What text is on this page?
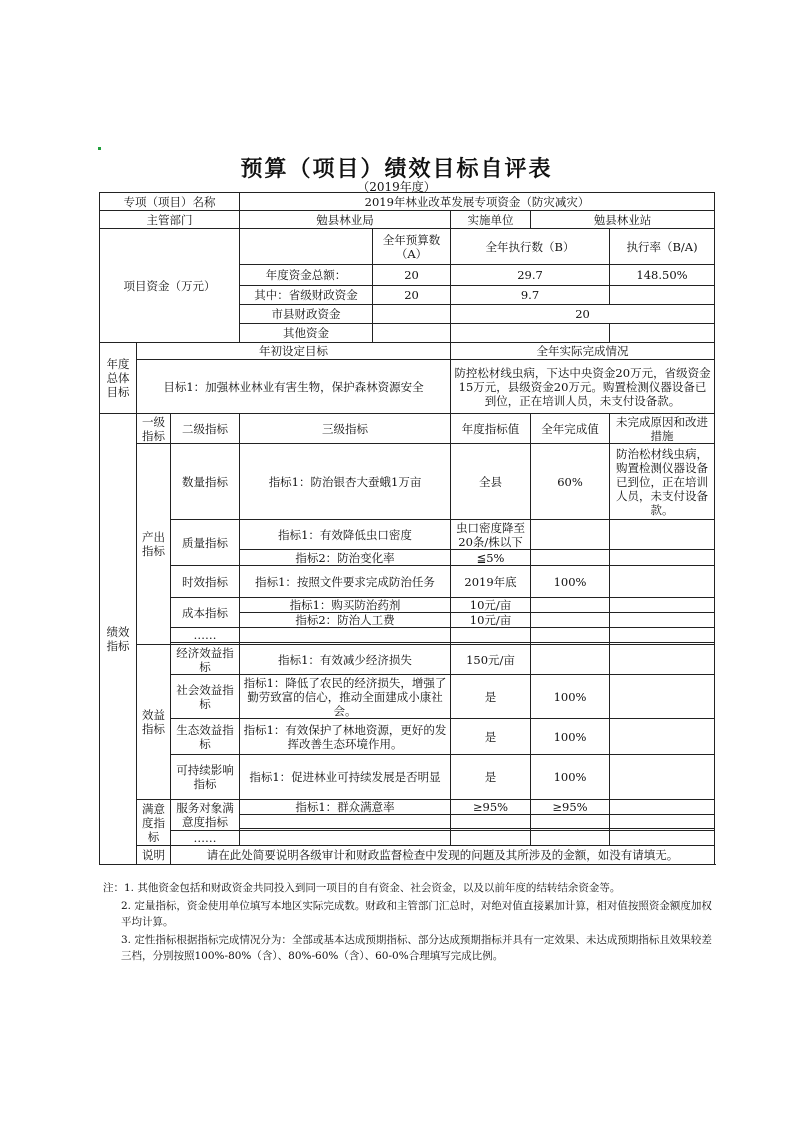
预算（项目）绩效目标自评表
（2019年度）
专项（项目）名称			2019年林业改革发展专项资金（防灾减灾）				
主管部门			勉县林业局		实施单位	勉县林业站	
项目资金（万元）				全年预算数（A）	全年执行数（B）		执行率（B/A)
			年度资金总额：	20	29.7		148.50%
			其中：省级财政资金	20	9.7		
			市县财政资金		20		
			其他资金				
年度总体目标	年初设定目标				全年实际完成情况		
	目标1：加强林业林业有害生物，保护森林资源安全				防控松材线虫病，下达中央资金20万元，省级资金15万元，县级资金20万元。购置检测仪器设备已到位，正在培训人员，未支付设备款。		
绩效指标	一级指标	二级指标	三级指标		年度指标值	全年完成值	未完成原因和改进措施
	产出指标	数量指标	指标1：防治银杏大蚕蛾1万亩		全县	60%	防治松材线虫病，购置检测仪器设备已到位，正在培训人员，未支付设备款。
		质量指标	指标1：有效降低虫口密度		虫口密度降至20条/株以下		
			指标2：防治变化率		≦5%		
		时效指标	指标1：按照文件要求完成防治任务		2019年底	100%	
		成本指标	指标1：购买防治药剂		10元/亩		
			指标2：防治人工费		10元/亩		
		……					

	效益指标	经济效益指标	指标1：有效减少经济损失		150元/亩		
		社会效益指标	指标1：降低了农民的经济损失，增强了勤劳致富的信心，推动全面建成小康社会。		是	100%	
		生态效益指标	指标1：有效保护了林地资源，更好的发挥改善生态环境作用。		是	100%	
		可持续影响指标	指标1：促进林业可持续发展是否明显		是	100%	
	满意度指标	服务对象满意度指标	指标1：群众满意率		≥95%	≥95%	

		……					
	说明	请在此处简要说明各级审计和财政监督检查中发现的问题及其所涉及的金额，如没有请填无。					

注：1. 其他资金包括和财政资金共同投入到同一项目的自有资金、社会资金，以及以前年度的结转结余资金等。

2. 定量指标，资金使用单位填写本地区实际完成数。财政和主管部门汇总时，对绝对值直接累加计算，相对值按照资金额度加权平均计算。

3. 定性指标根据指标完成情况分为：全部或基本达成预期指标、部分达成预期指标并具有一定效果、未达成预期指标且效果较差三档，分别按照100%-80%（含）、80%-60%（含）、60-0%合理填写完成比例。
